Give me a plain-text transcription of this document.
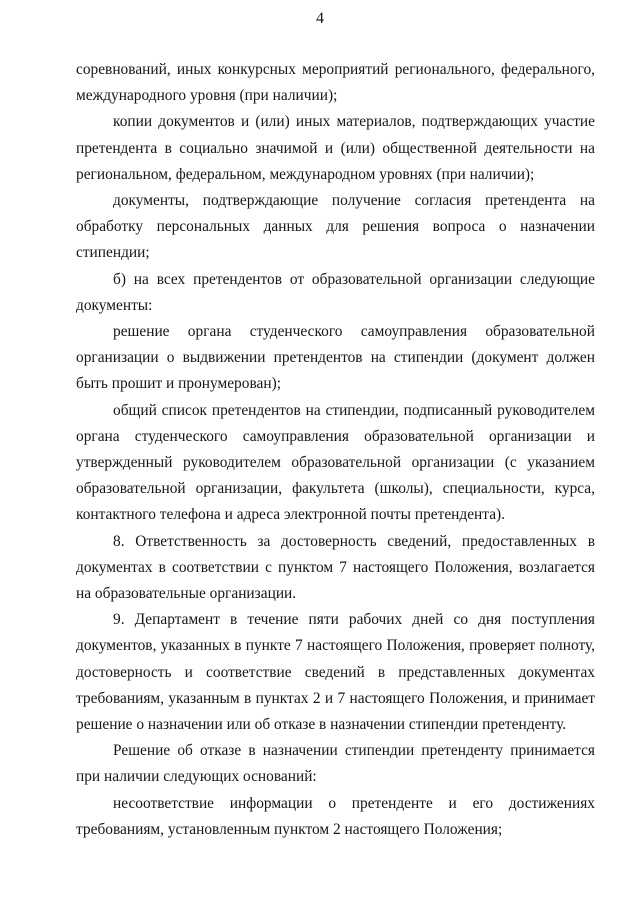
4

соревнований, иных конкурсных мероприятий регионального, федерального, международного уровня (при наличии);

копии документов и (или) иных материалов, подтверждающих участие претендента в социально значимой и (или) общественной деятельности на региональном, федеральном, международном уровнях (при наличии);

документы, подтверждающие получение согласия претендента на обработку персональных данных для решения вопроса о назначении стипендии;

б) на всех претендентов от образовательной организации следующие документы:

решение органа студенческого самоуправления образовательной организации о выдвижении претендентов на стипендии (документ должен быть прошит и пронумерован);

общий список претендентов на стипендии, подписанный руководителем органа студенческого самоуправления образовательной организации и утвержденный руководителем образовательной организации (с указанием образовательной организации, факультета (школы), специальности, курса, контактного телефона и адреса электронной почты претендента).

8. Ответственность за достоверность сведений, предоставленных в документах в соответствии с пунктом 7 настоящего Положения, возлагается на образовательные организации.

9. Департамент в течение пяти рабочих дней со дня поступления документов, указанных в пункте 7 настоящего Положения, проверяет полноту, достоверность и соответствие сведений в представленных документах требованиям, указанным в пунктах 2 и 7 настоящего Положения, и принимает решение о назначении или об отказе в назначении стипендии претенденту.

Решение об отказе в назначении стипендии претенденту принимается при наличии следующих оснований:

несоответствие информации о претенденте и его достижениях требованиям, установленным пунктом 2 настоящего Положения;
